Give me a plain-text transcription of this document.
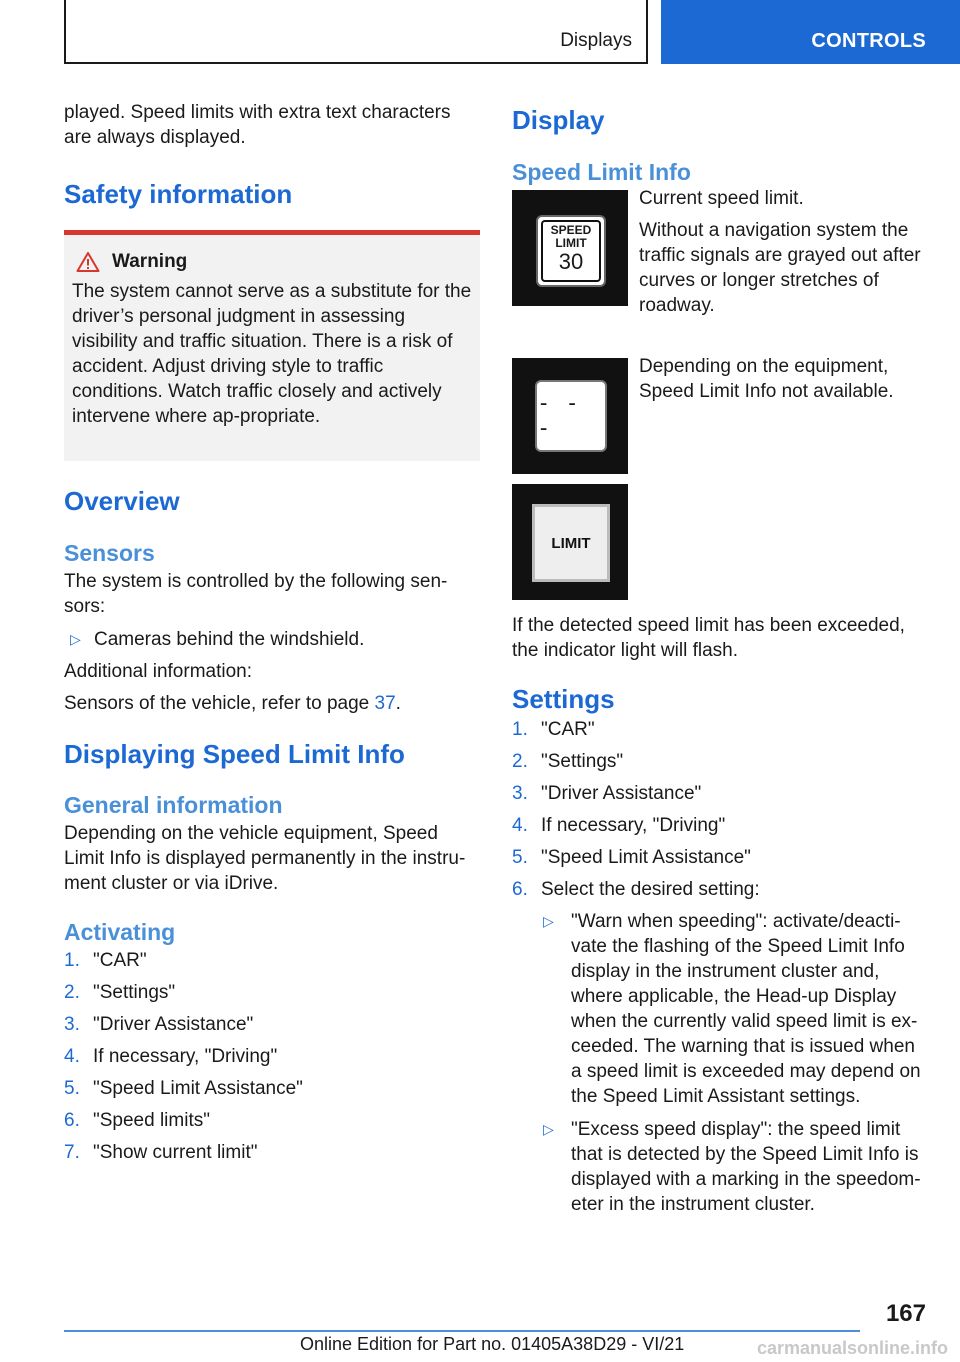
Displays	CONTROLS

played. Speed limits with extra text characters are always displayed.

Safety information
Warning
The system cannot serve as a substitute for the driver’s personal judgment in assessing visibility and traffic situation. There is a risk of accident. Adjust driving style to traffic conditions. Watch traffic closely and actively intervene where ap-propriate.
Overview
Sensors

The system is controlled by the following sen-sors:

▷ Cameras behind the windshield.

Additional information:

Sensors of the vehicle, refer to page 37.

Displaying Speed Limit Info
General information

Depending on the vehicle equipment, Speed Limit Info is displayed permanently in the instru-ment cluster or via iDrive.

Activating
1. "CAR"
2. "Settings"
3. "Driver Assistance"
4. If necessary, "Driving"
5. "Speed Limit Assistance"
6. "Speed limits"
7. "Show current limit"
Display
Speed Limit Info
SPEED
LIMIT
30

Current speed limit.

Without a navigation system the traffic signals are grayed out after curves or longer stretches of roadway.

- - -

Depending on the equipment, Speed Limit Info not available.

LIMIT

If the detected speed limit has been exceeded, the indicator light will flash.

Settings
1. "CAR"
2. "Settings"
3. "Driver Assistance"
4. If necessary, "Driving"
5. "Speed Limit Assistance"
6. Select the desired setting:
▷ "Warn when speeding": activate/deacti-vate the flashing of the Speed Limit Info display in the instrument cluster and, where applicable, the Head-up Display when the currently valid speed limit is ex-ceeded. The warning that is issued when a speed limit is exceeded may depend on the Speed Limit Assistant settings.
▷ "Excess speed display": the speed limit that is detected by the Speed Limit Info is displayed with a marking in the speedom-eter in the instrument cluster.
167
Online Edition for Part no. 01405A38D29 - VI/21	carmanualsonline.info
